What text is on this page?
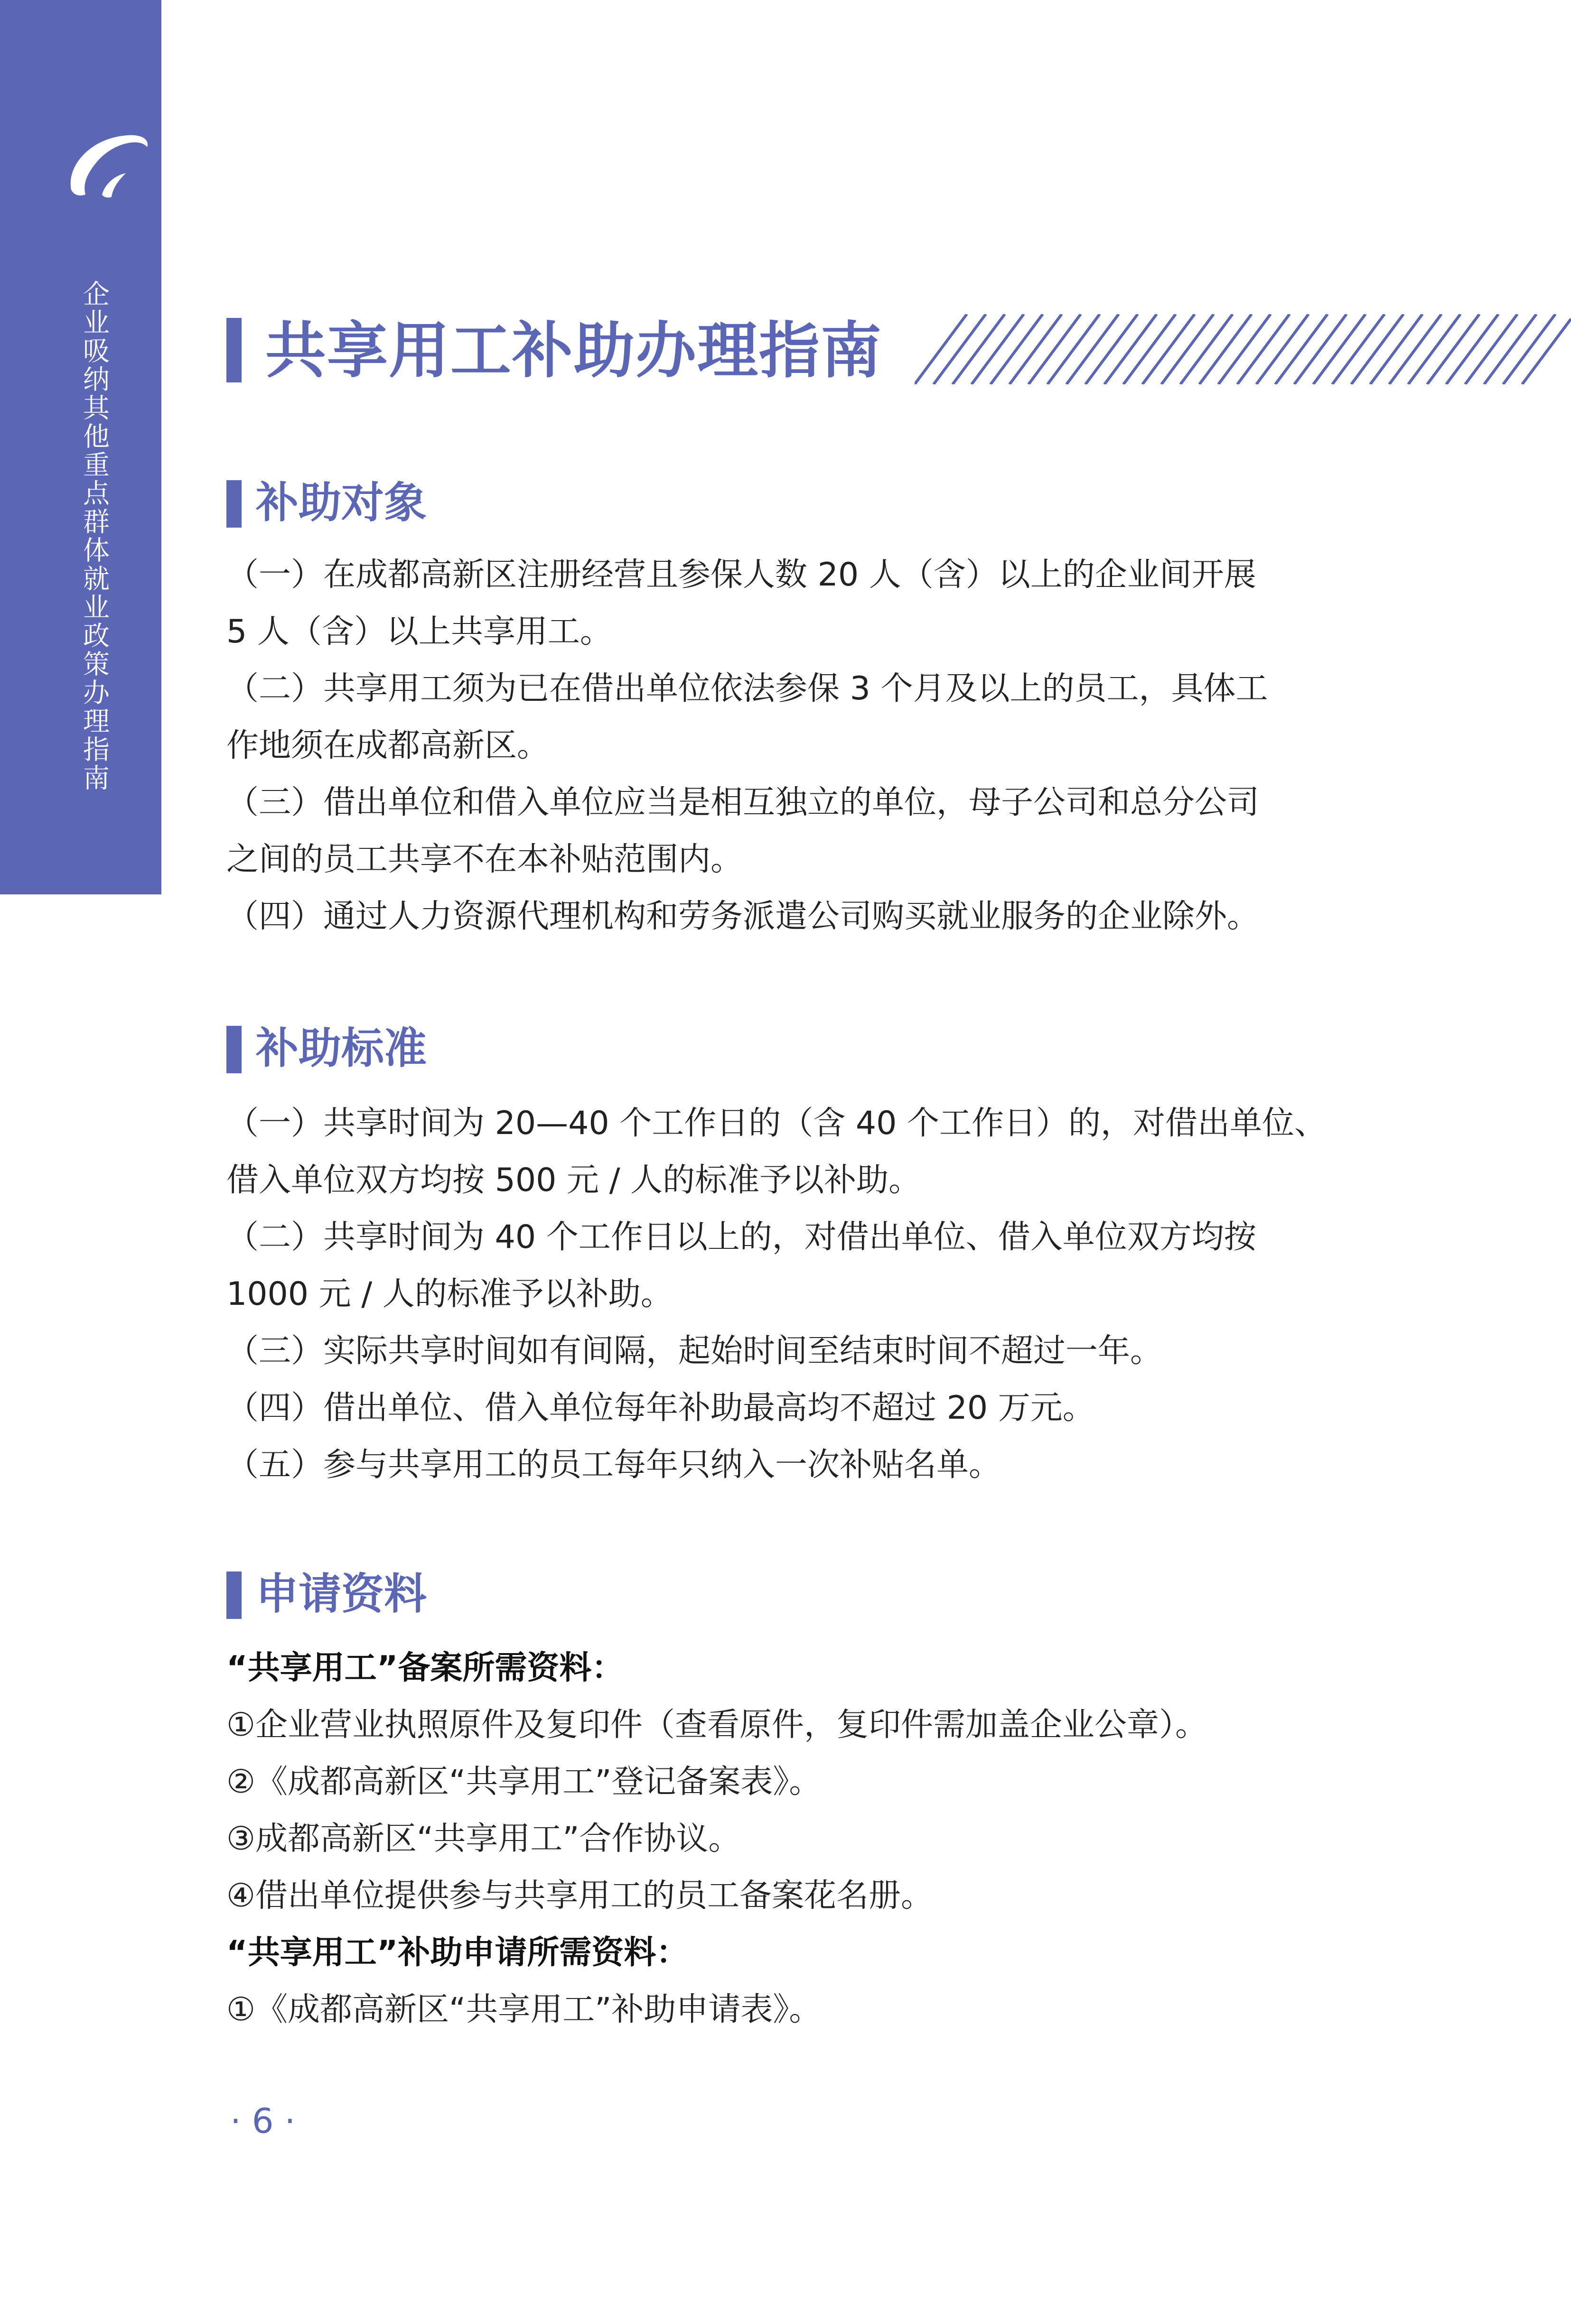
企业吸纳其他重点群体就业政策办理指南	共享用工补助办理指南
补助对象
（一）在成都高新区注册经营且参保人数 20 人（含）以上的企业间开展
5 人（含）以上共享用工。
（二）共享用工须为已在借出单位依法参保 3 个月及以上的员工，具体工
作地须在成都高新区。
（三）借出单位和借入单位应当是相互独立的单位，母子公司和总分公司
之间的员工共享不在本补贴范围内。
（四）通过人力资源代理机构和劳务派遣公司购买就业服务的企业除外。
补助标准
（一）共享时间为 20—40 个工作日的（含 40 个工作日）的，对借出单位、
借入单位双方均按 500 元 / 人的标准予以补助。
（二）共享时间为 40 个工作日以上的，对借出单位、借入单位双方均按
1000 元 / 人的标准予以补助。
（三）实际共享时间如有间隔，起始时间至结束时间不超过一年。
（四）借出单位、借入单位每年补助最高均不超过 20 万元。
（五）参与共享用工的员工每年只纳入一次补贴名单。
申请资料
“共享用工”备案所需资料：
①企业营业执照原件及复印件（查看原件，复印件需加盖企业公章）。
②《成都高新区“共享用工”登记备案表》。
③成都高新区“共享用工”合作协议。
④借出单位提供参与共享用工的员工备案花名册。
“共享用工”补助申请所需资料：
①《成都高新区“共享用工”补助申请表》。
· 6 ·
